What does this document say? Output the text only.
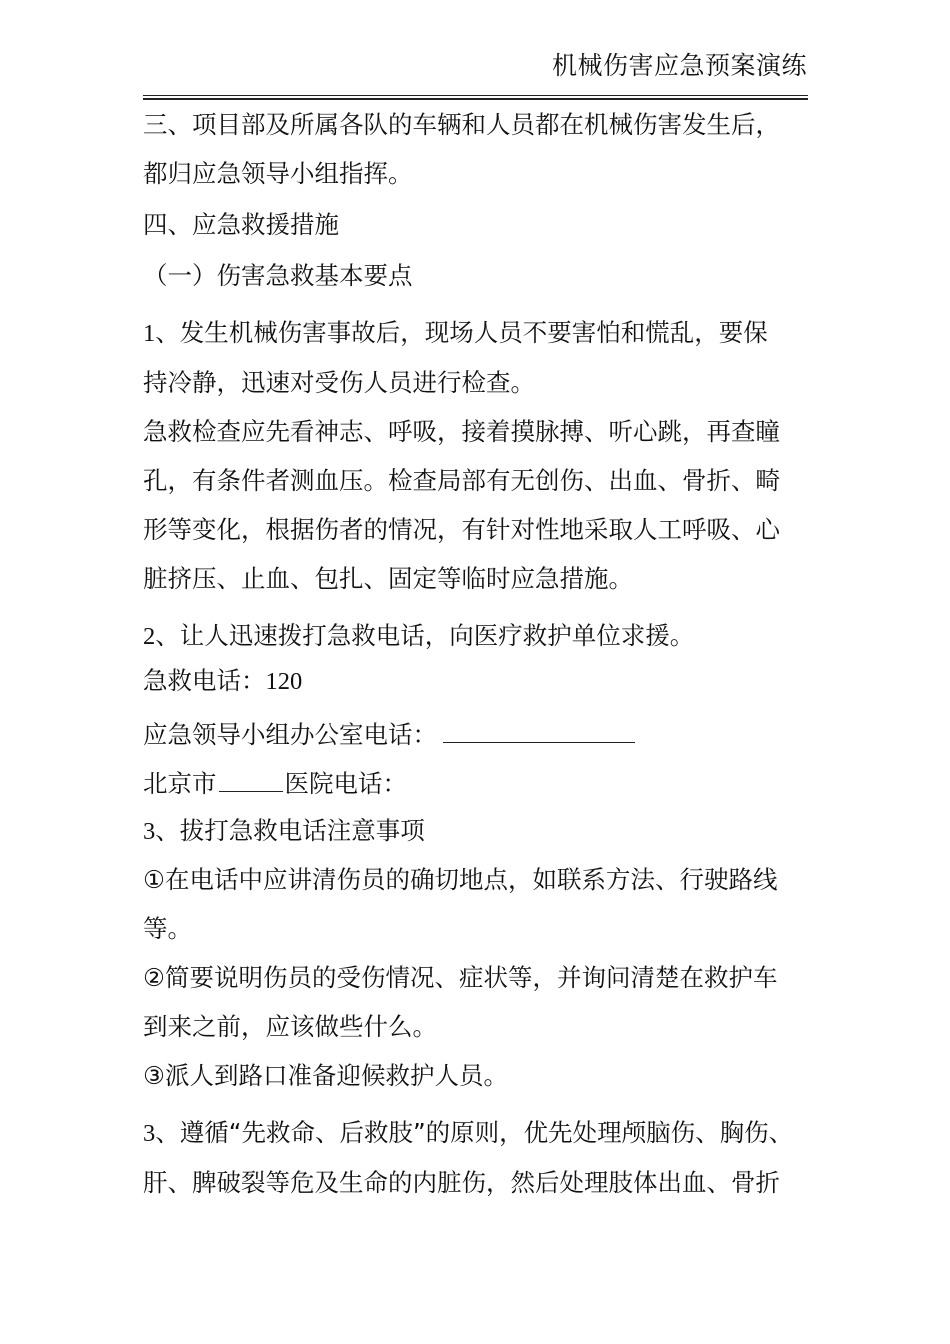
机械伤害应急预案演练

三、项目部及所属各队的车辆和人员都在机械伤害发生后，

都归应急领导小组指挥。

四、应急救援措施

（一）伤害急救基本要点

1、发生机械伤害事故后，现场人员不要害怕和慌乱，要保

持冷静，迅速对受伤人员进行检查。

急救检查应先看神志、呼吸，接着摸脉搏、听心跳，再查瞳

孔，有条件者测血压。检查局部有无创伤、出血、骨折、畸

形等变化，根据伤者的情况，有针对性地采取人工呼吸、心

脏挤压、止血、包扎、固定等临时应急措施。

2、让人迅速拨打急救电话，向医疗救护单位求援。

急救电话：120

应急领导小组办公室电话：

北京市	医院电话：

3、拔打急救电话注意事项

①在电话中应讲清伤员的确切地点，如联系方法、行驶路线

等。

②简要说明伤员的受伤情况、症状等，并询问清楚在救护车

到来之前，应该做些什么。

③派人到路口准备迎候救护人员。

3、遵循“先救命、后救肢”的原则，优先处理颅脑伤、胸伤、

肝、脾破裂等危及生命的内脏伤，然后处理肢体出血、骨折
